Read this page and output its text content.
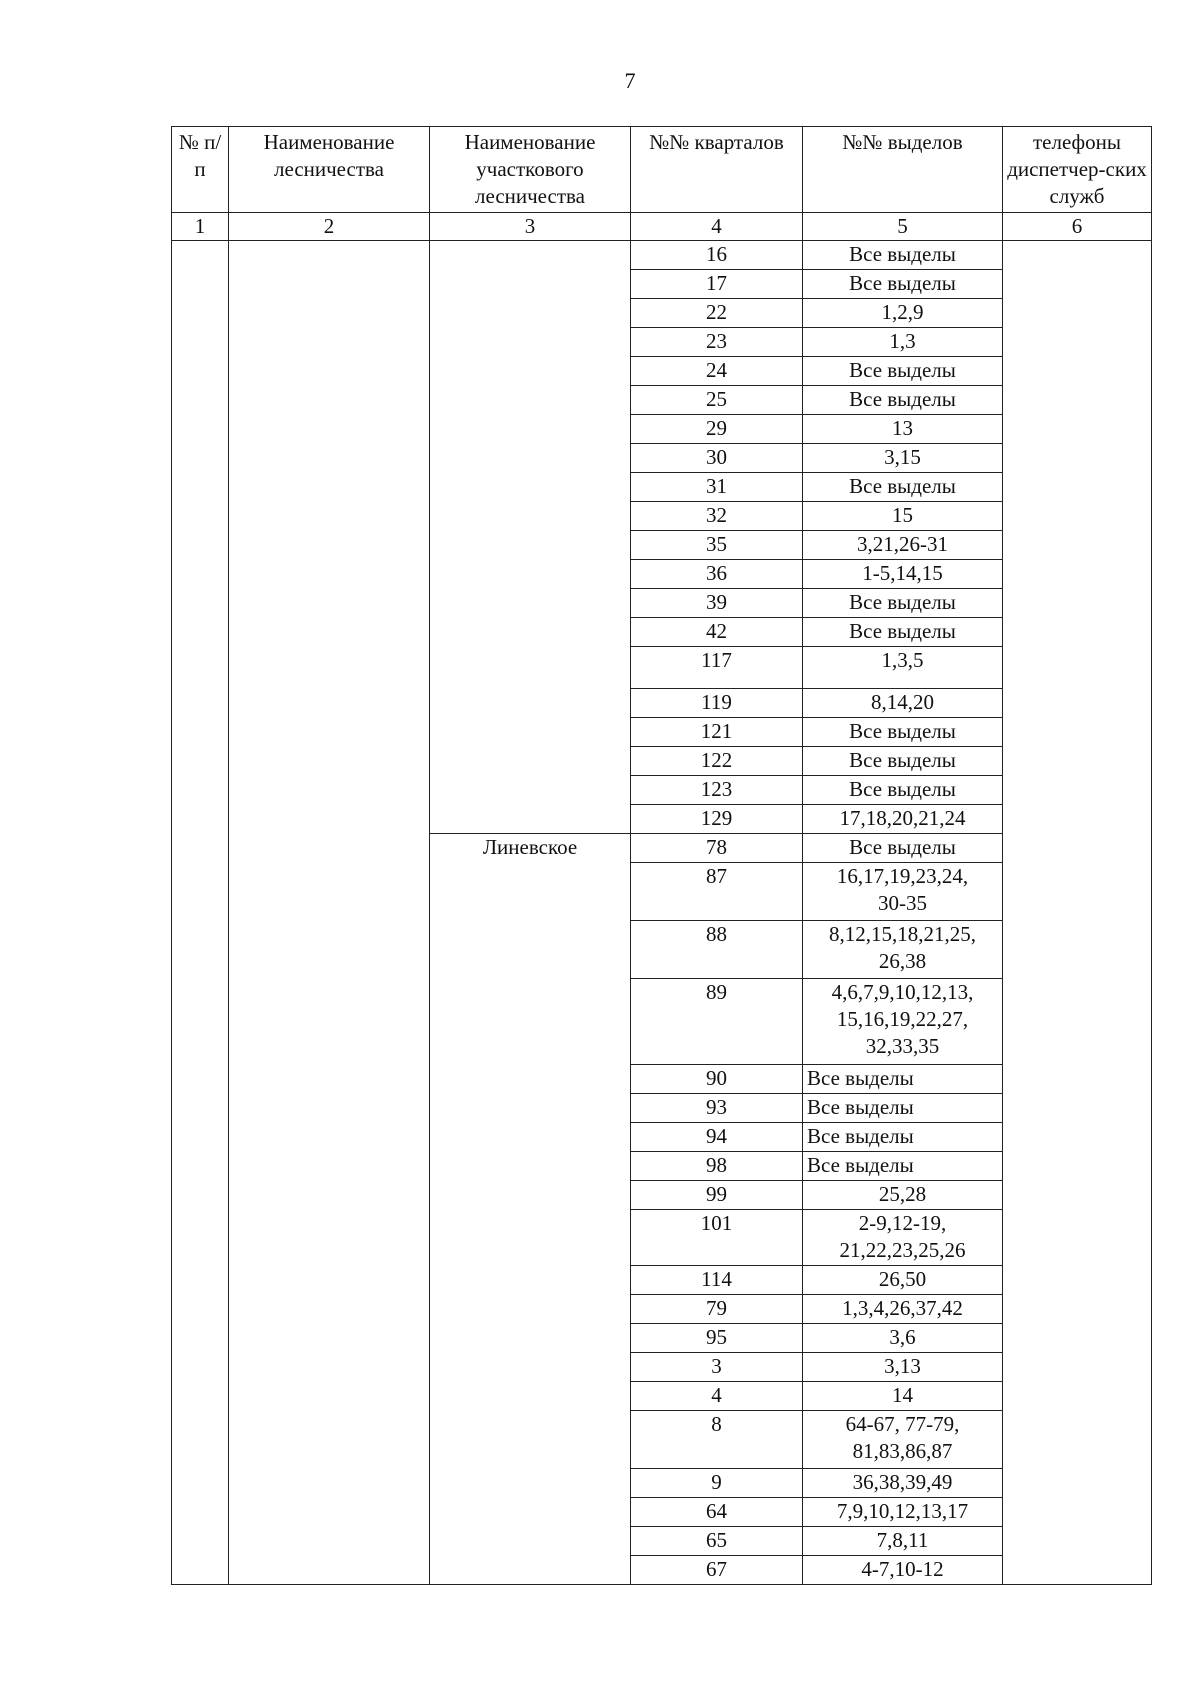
7
№ п/п	Наименование лесничества	Наименование участкового лесничества	№№ кварталов	№№ выделов	телефоны диспетчер-ских служб
1	2	3	4	5	6
			16	Все выделы	
			17	Все выделы	
			22	1,2,9	
			23	1,3	
			24	Все выделы	
			25	Все выделы	
			29	13	
			30	3,15	
			31	Все выделы	
			32	15	
			35	3,21,26-31	
			36	1-5,14,15	
			39	Все выделы	
			42	Все выделы	
			117	1,3,5	
			119	8,14,20	
			121	Все выделы	
			122	Все выделы	
			123	Все выделы	
			129	17,18,20,21,24	
		Линевское	78	Все выделы	
			87	16,17,19,23,24,
30-35	
			88	8,12,15,18,21,25,
26,38	
			89	4,6,7,9,10,12,13,
15,16,19,22,27,
32,33,35	
			90	Все выделы	
			93	Все выделы	
			94	Все выделы	
			98	Все выделы	
			99	25,28	
			101	2-9,12-19,
21,22,23,25,26	
			114	26,50	
			79	1,3,4,26,37,42	
			95	3,6	
			3	3,13	
			4	14	
			8	64-67, 77-79,
81,83,86,87	
			9	36,38,39,49	
			64	7,9,10,12,13,17	
			65	7,8,11	
			67	4-7,10-12	
